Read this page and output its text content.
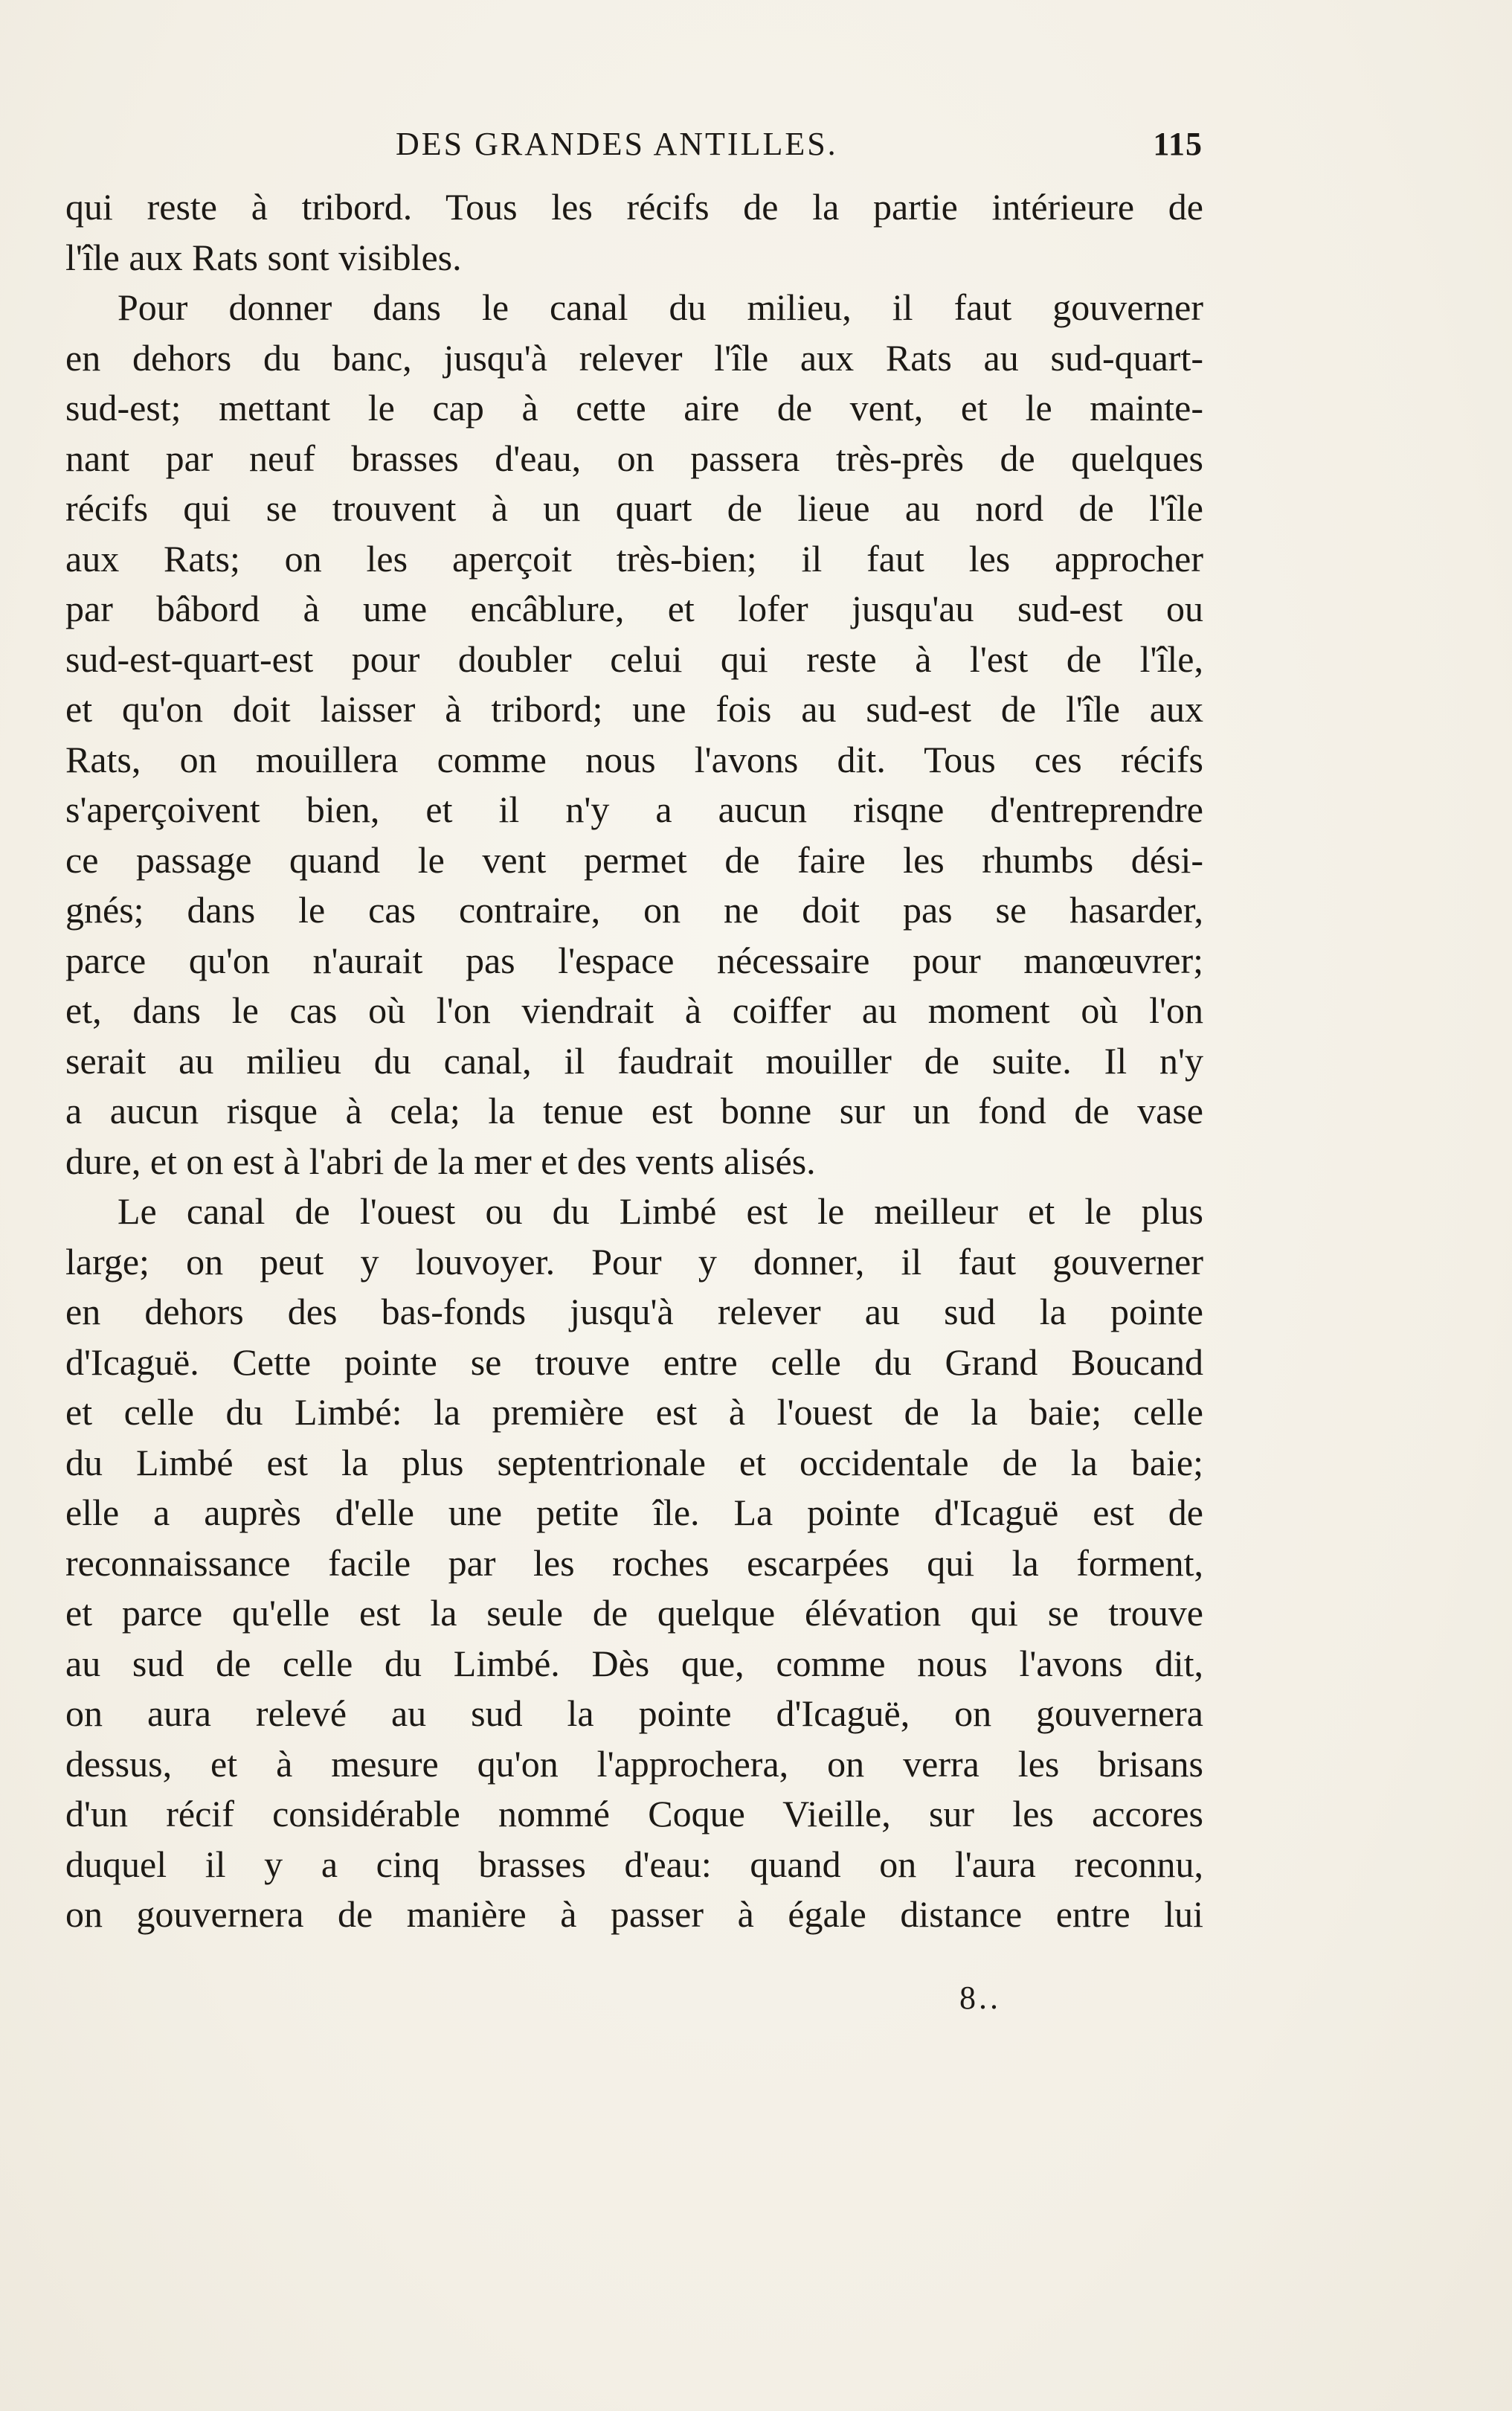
DES GRANDES ANTILLES.	115
qui reste à tribord. Tous les récifs de la partie intérieure de
l'île aux Rats sont visibles.
Pour donner dans le canal du milieu, il faut gouverner
en dehors du banc, jusqu'à relever l'île aux Rats au sud-quart-
sud-est; mettant le cap à cette aire de vent, et le mainte-
nant par neuf brasses d'eau, on passera très-près de quelques
récifs qui se trouvent à un quart de lieue au nord de l'île
aux Rats; on les aperçoit très-bien; il faut les approcher
par bâbord à ume encâblure, et lofer jusqu'au sud-est ou
sud-est-quart-est pour doubler celui qui reste à l'est de l'île,
et qu'on doit laisser à tribord; une fois au sud-est de l'île aux
Rats, on mouillera comme nous l'avons dit. Tous ces récifs
s'aperçoivent bien, et il n'y a aucun risqne d'entreprendre
ce passage quand le vent permet de faire les rhumbs dési-
gnés; dans le cas contraire, on ne doit pas se hasarder,
parce qu'on n'aurait pas l'espace nécessaire pour manœuvrer;
et, dans le cas où l'on viendrait à coiffer au moment où l'on
serait au milieu du canal, il faudrait mouiller de suite. Il n'y
a aucun risque à cela; la tenue est bonne sur un fond de vase
dure, et on est à l'abri de la mer et des vents alisés.
Le canal de l'ouest ou du Limbé est le meilleur et le plus
large; on peut y louvoyer. Pour y donner, il faut gouverner
en dehors des bas-fonds jusqu'à relever au sud la pointe
d'Icaguë. Cette pointe se trouve entre celle du Grand Boucand
et celle du Limbé: la première est à l'ouest de la baie; celle
du Limbé est la plus septentrionale et occidentale de la baie;
elle a auprès d'elle une petite île. La pointe d'Icaguë est de
reconnaissance facile par les roches escarpées qui la forment,
et parce qu'elle est la seule de quelque élévation qui se trouve
au sud de celle du Limbé. Dès que, comme nous l'avons dit,
on aura relevé au sud la pointe d'Icaguë, on gouvernera
dessus, et à mesure qu'on l'approchera, on verra les brisans
d'un récif considérable nommé Coque Vieille, sur les accores
duquel il y a cinq brasses d'eau: quand on l'aura reconnu,
on gouvernera de manière à passer à égale distance entre lui
8..
